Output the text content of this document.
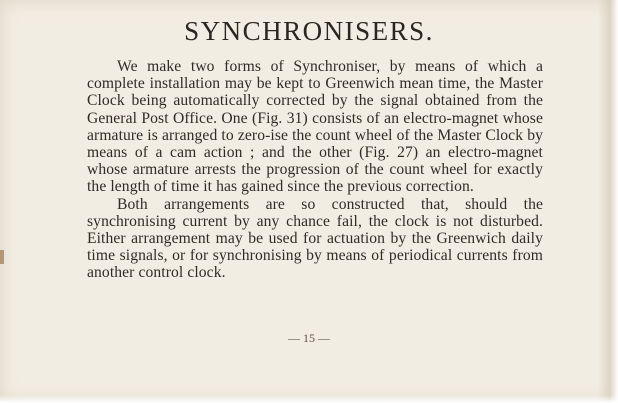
SYNCHRONISERS.

We make two forms of Synchroniser, by means of which a complete installation may be kept to Greenwich mean time, the Master Clock being automatically corrected by the signal obtained from the General Post Office. One (Fig. 31) consists of an electro-magnet whose armature is arranged to zero-ise the count wheel of the Master Clock by means of a cam action ; and the other (Fig. 27) an electro-magnet whose armature arrests the progression of the count wheel for exactly the length of time it has gained since the previous correction.

Both arrangements are so constructed that, should the synchronising current by any chance fail, the clock is not disturbed. Either arrangement may be used for actuation by the Greenwich daily time signals, or for synchronising by means of periodical currents from another control clock.

— 15 —
